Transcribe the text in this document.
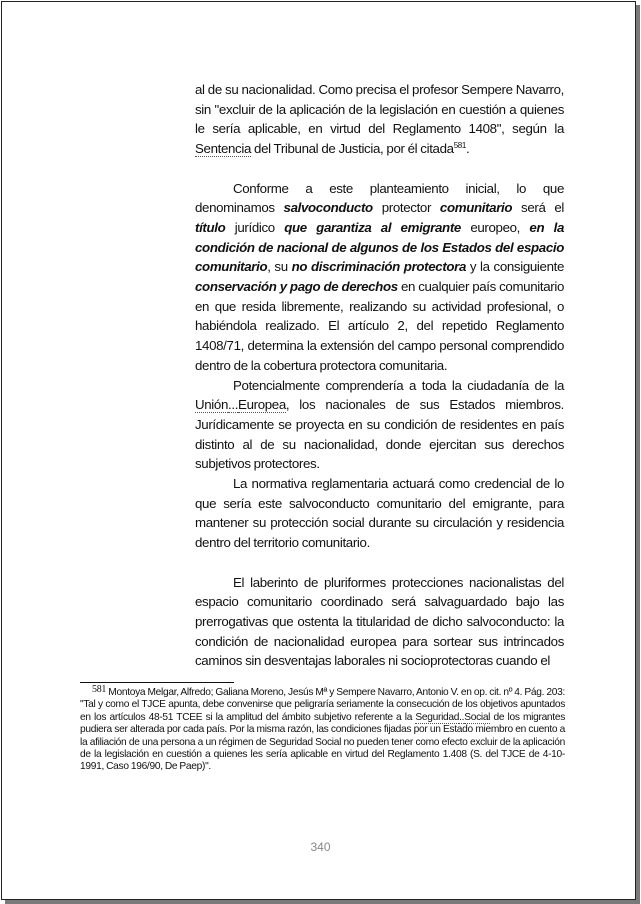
al de su nacionalidad. Como precisa el profesor Sempere Navarro, sin "excluir de la aplicación de la legislación en cuestión a quienes le sería aplicable, en virtud del Reglamento 1408", según la Sentencia del Tribunal de Justicia, por él citada$^{581}$.

Conforme a este planteamiento inicial, lo que denominamos salvoconducto protector comunitario será el título jurídico que garantiza al emigrante europeo, en la condición de nacional de algunos de los Estados del espacio comunitario, su no discriminación protectora y la consiguiente conservación y pago de derechos en cualquier país comunitario en que resida libremente, realizando su actividad profesional, o habiéndola realizado. El artículo 2, del repetido Reglamento 1408/71, determina la extensión del campo personal comprendido dentro de la cobertura protectora comunitaria.

Potencialmente comprendería a toda la ciudadanía de la Unión...Europea, los nacionales de sus Estados miembros. Jurídicamente se proyecta en su condición de residentes en país distinto al de su nacionalidad, donde ejercitan sus derechos subjetivos protectores.

La normativa reglamentaria actuará como credencial de lo que sería este salvoconducto comunitario del emigrante, para mantener su protección social durante su circulación y residencia dentro del territorio comunitario.

El laberinto de pluriformes protecciones nacionalistas del espacio comunitario coordinado será salvaguardado bajo las prerrogativas que ostenta la titularidad de dicho salvoconducto: la condición de nacionalidad europea para sortear sus intrincados caminos sin desventajas laborales ni socioprotectoras cuando el

581 Montoya Melgar, Alfredo; Galiana Moreno, Jesús Mª y Sempere Navarro, Antonio V. en op. cit. nº 4. Pág. 203: "Tal y como el TJCE apunta, debe convenirse que peligraría seriamente la consecución de los objetivos apuntados en los artículos 48-51 TCEE si la amplitud del ámbito subjetivo referente a la Seguridad..Social de los migrantes pudiera ser alterada por cada país. Por la misma razón, las condiciones fijadas por un Estado miembro en cuento a la afiliación de una persona a un régimen de Seguridad Social no pueden tener como efecto excluir de la aplicación de la legislación en cuestión a quienes les sería aplicable en virtud del Reglamento 1.408 (S. del TJCE de 4-10-1991, Caso 196/90, De Paep)".
340
